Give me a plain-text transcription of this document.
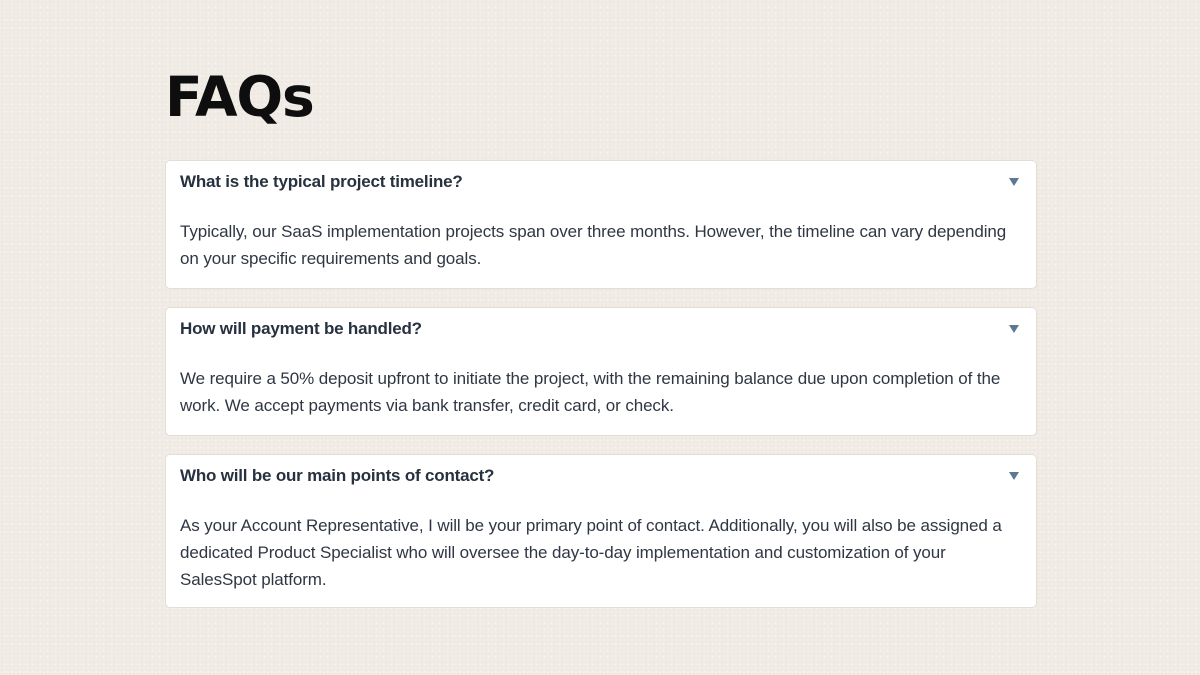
FAQs
What is the typical project timeline?
Typically, our SaaS implementation projects span over three months. However, the timeline can vary depending on your specific requirements and goals.
How will payment be handled?
We require a 50% deposit upfront to initiate the project, with the remaining balance due upon completion of the work. We accept payments via bank transfer, credit card, or check.
Who will be our main points of contact?
As your Account Representative, I will be your primary point of contact. Additionally, you will also be assigned a dedicated Product Specialist who will oversee the day-to-day implementation and customization of your SalesSpot platform.
